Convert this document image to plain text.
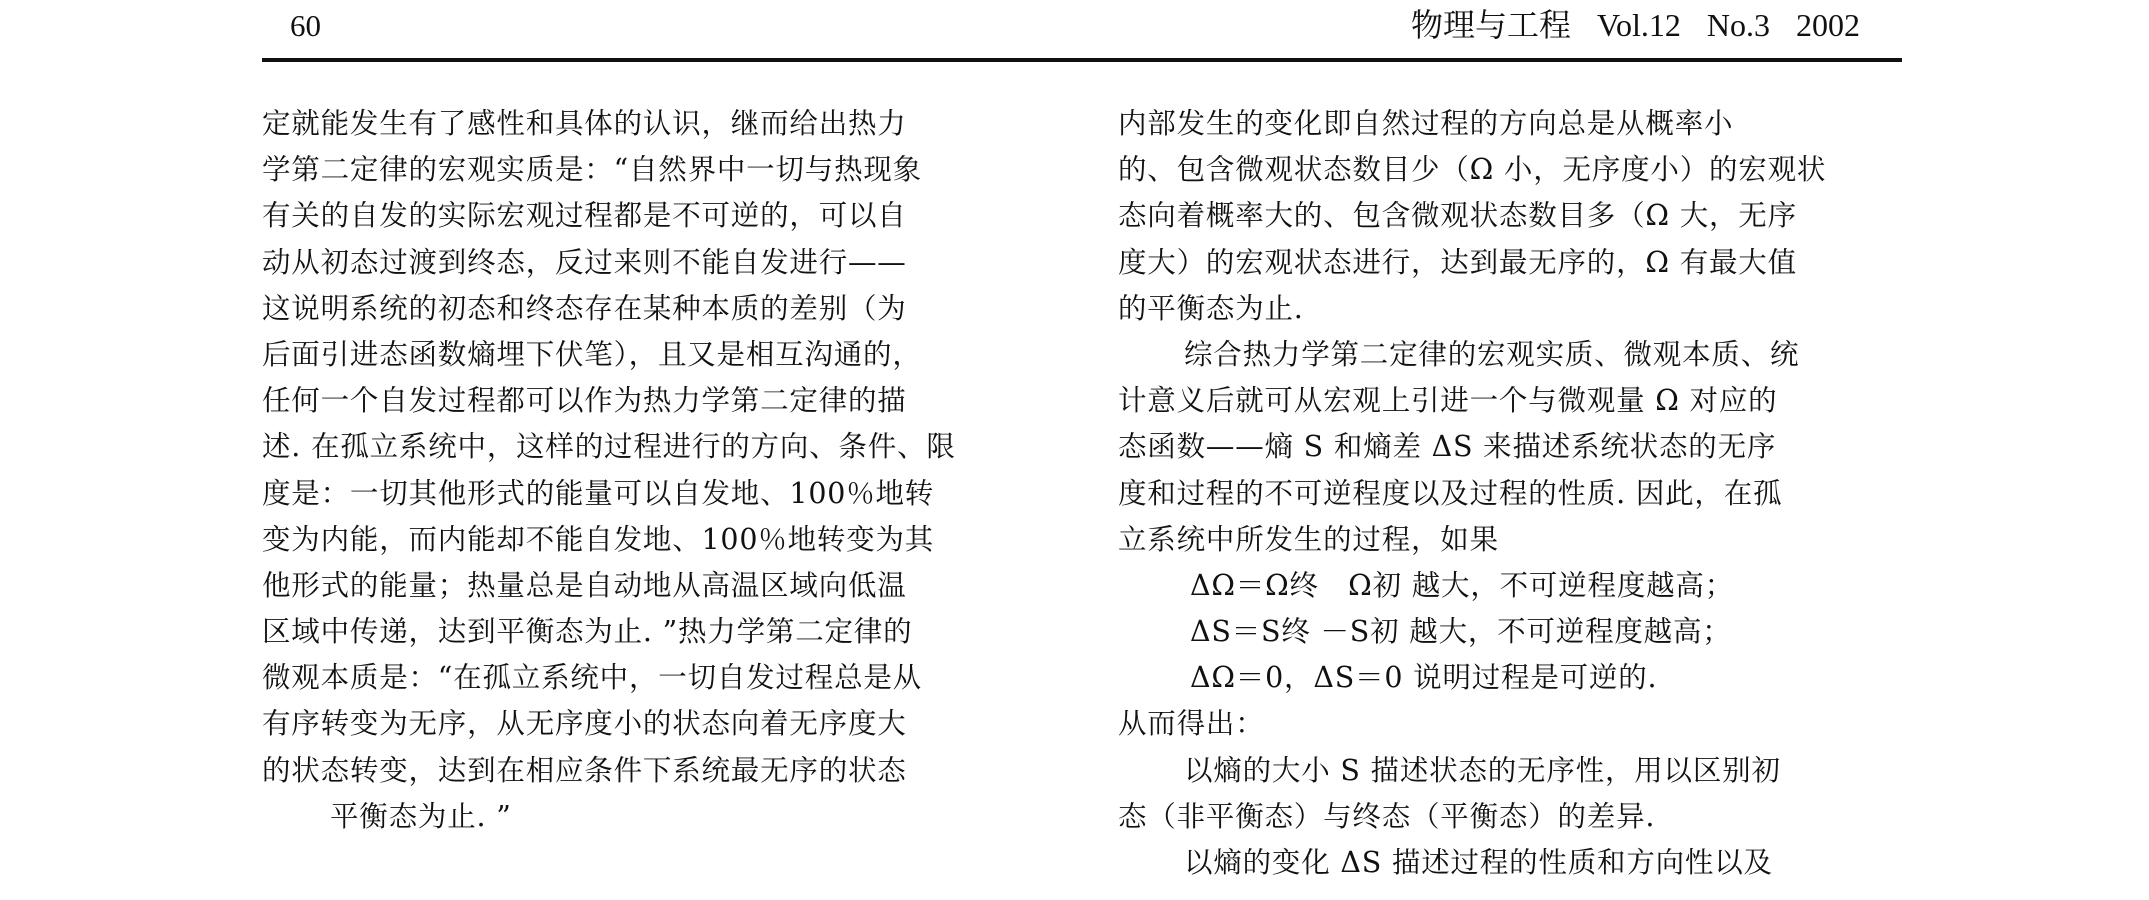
60	物理与工程 Vol.12 No.3 2002
定就能发生有了感性和具体的认识，继而给出热力
学第二定律的宏观实质是：“自然界中一切与热现象
有关的自发的实际宏观过程都是不可逆的，可以自
动从初态过渡到终态，反过来则不能自发进行——
这说明系统的初态和终态存在某种本质的差别（为
后面引进态函数熵埋下伏笔），且又是相互沟通的，
任何一个自发过程都可以作为热力学第二定律的描
述. 在孤立系统中，这样的过程进行的方向、条件、限
度是：一切其他形式的能量可以自发地、100％地转
变为内能，而内能却不能自发地、100％地转变为其
他形式的能量；热量总是自动地从高温区域向低温
区域中传递，达到平衡态为止. ”热力学第二定律的
微观本质是：“在孤立系统中，一切自发过程总是从
有序转变为无序，从无序度小的状态向着无序度大
的状态转变，达到在相应条件下系统最无序的状态
平衡态为止. ”
内部发生的变化即自然过程的方向总是从概率小
的、包含微观状态数目少（Ω 小，无序度小）的宏观状
态向着概率大的、包含微观状态数目多（Ω 大，无序
度大）的宏观状态进行，达到最无序的，Ω 有最大值
的平衡态为止.
综合热力学第二定律的宏观实质、微观本质、统
计意义后就可从宏观上引进一个与微观量 Ω 对应的
态函数——熵 S 和熵差 ΔS 来描述系统状态的无序
度和过程的不可逆程度以及过程的性质. 因此，在孤
立系统中所发生的过程，如果
ΔΩ＝Ω终　Ω初 越大，不可逆程度越高；
ΔS＝S终 －S初 越大，不可逆程度越高；
ΔΩ＝0，ΔS＝0 说明过程是可逆的.
从而得出：
以熵的大小 S 描述状态的无序性，用以区别初
态（非平衡态）与终态（平衡态）的差异.
以熵的变化 ΔS 描述过程的性质和方向性以及
